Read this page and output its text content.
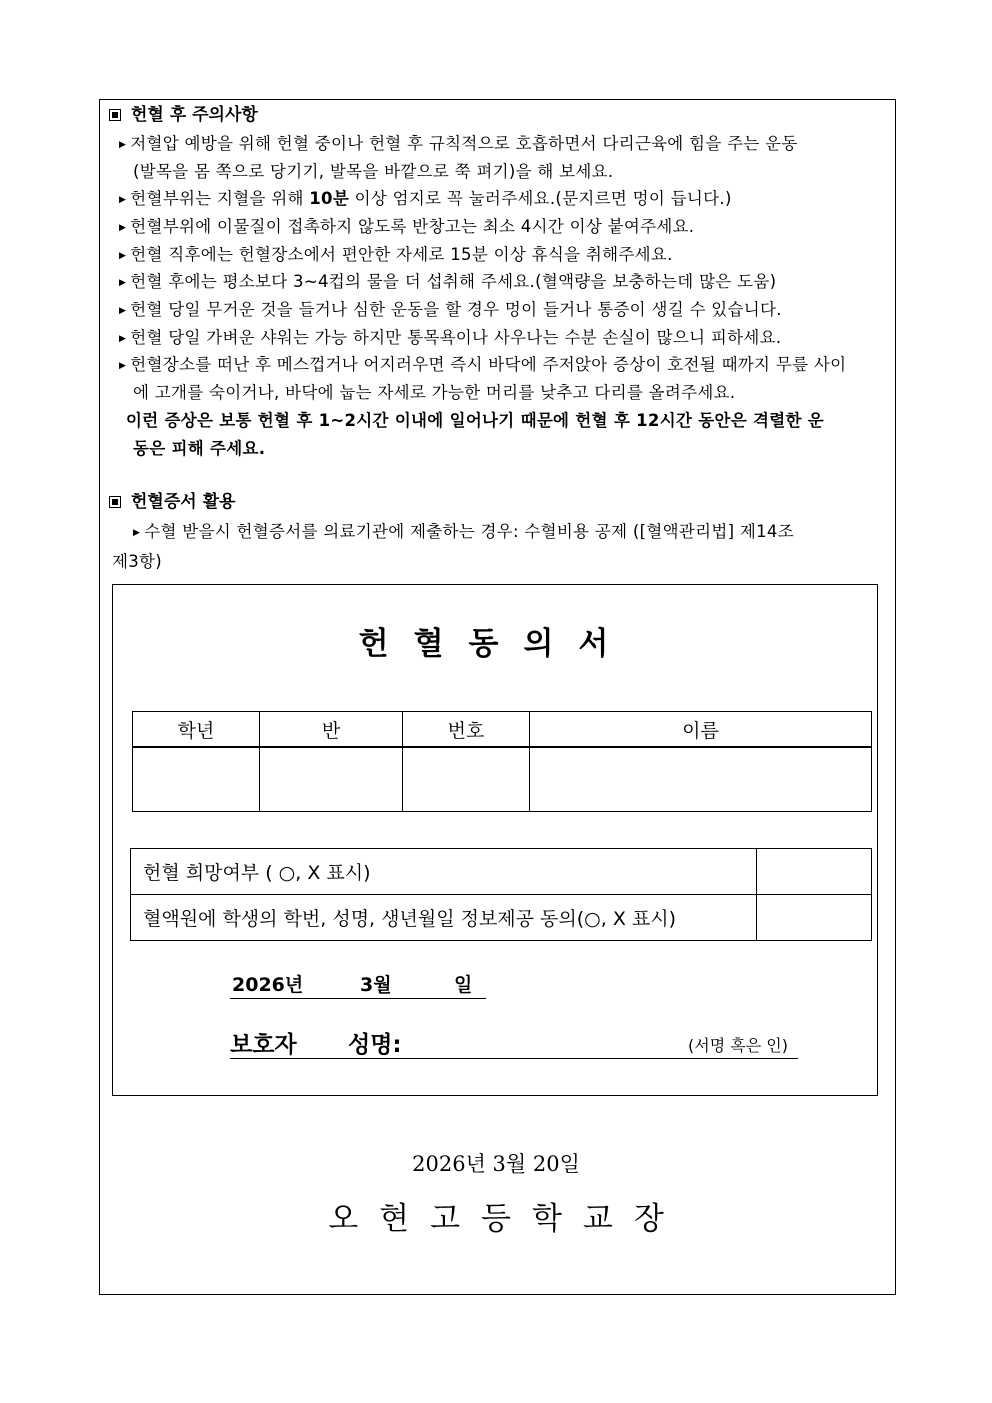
헌혈 후 주의사항
▶ 저혈압 예방을 위해 헌혈 중이나 헌혈 후 규칙적으로 호흡하면서 다리근육에 힘을 주는 운동
(발목을 몸 쪽으로 당기기, 발목을 바깥으로 쭉 펴기)을 해 보세요.
▶ 헌혈부위는 지혈을 위해 10분 이상 엄지로 꼭 눌러주세요.(문지르면 멍이 듭니다.)
▶ 헌혈부위에 이물질이 접촉하지 않도록 반창고는 최소 4시간 이상 붙여주세요.
▶ 헌혈 직후에는 헌혈장소에서 편안한 자세로 15분 이상 휴식을 취해주세요.
▶ 헌혈 후에는 평소보다 3~4컵의 물을 더 섭취해 주세요.(혈액량을 보충하는데 많은 도움)
▶ 헌혈 당일 무거운 것을 들거나 심한 운동을 할 경우 멍이 들거나 통증이 생길 수 있습니다.
▶ 헌혈 당일 가벼운 샤워는 가능 하지만 통목욕이나 사우나는 수분 손실이 많으니 피하세요.
▶ 헌혈장소를 떠난 후 메스껍거나 어지러우면 즉시 바닥에 주저앉아 증상이 호전될 때까지 무릎 사이
에 고개를 숙이거나, 바닥에 눕는 자세로 가능한 머리를 낮추고 다리를 올려주세요.
이런 증상은 보통 헌혈 후 1~2시간 이내에 일어나기 때문에 헌혈 후 12시간 동안은 격렬한 운
동은 피해 주세요.
헌혈증서 활용
▶ 수혈 받을시 헌혈증서를 의료기관에 제출하는 경우: 수혈비용 공제 ([혈액관리법] 제14조
제3항)
헌혈동의서
학년	반	번호	이름

헌혈 희망여부 ( ○, X 표시)	
혈액원에 학생의 학번, 성명, 생년월일 정보제공 동의(○, X 표시)	
2026년	3월	일
보호자 성명:	(서명 혹은 인)
2026년 3월 20일
오현고등학교장
